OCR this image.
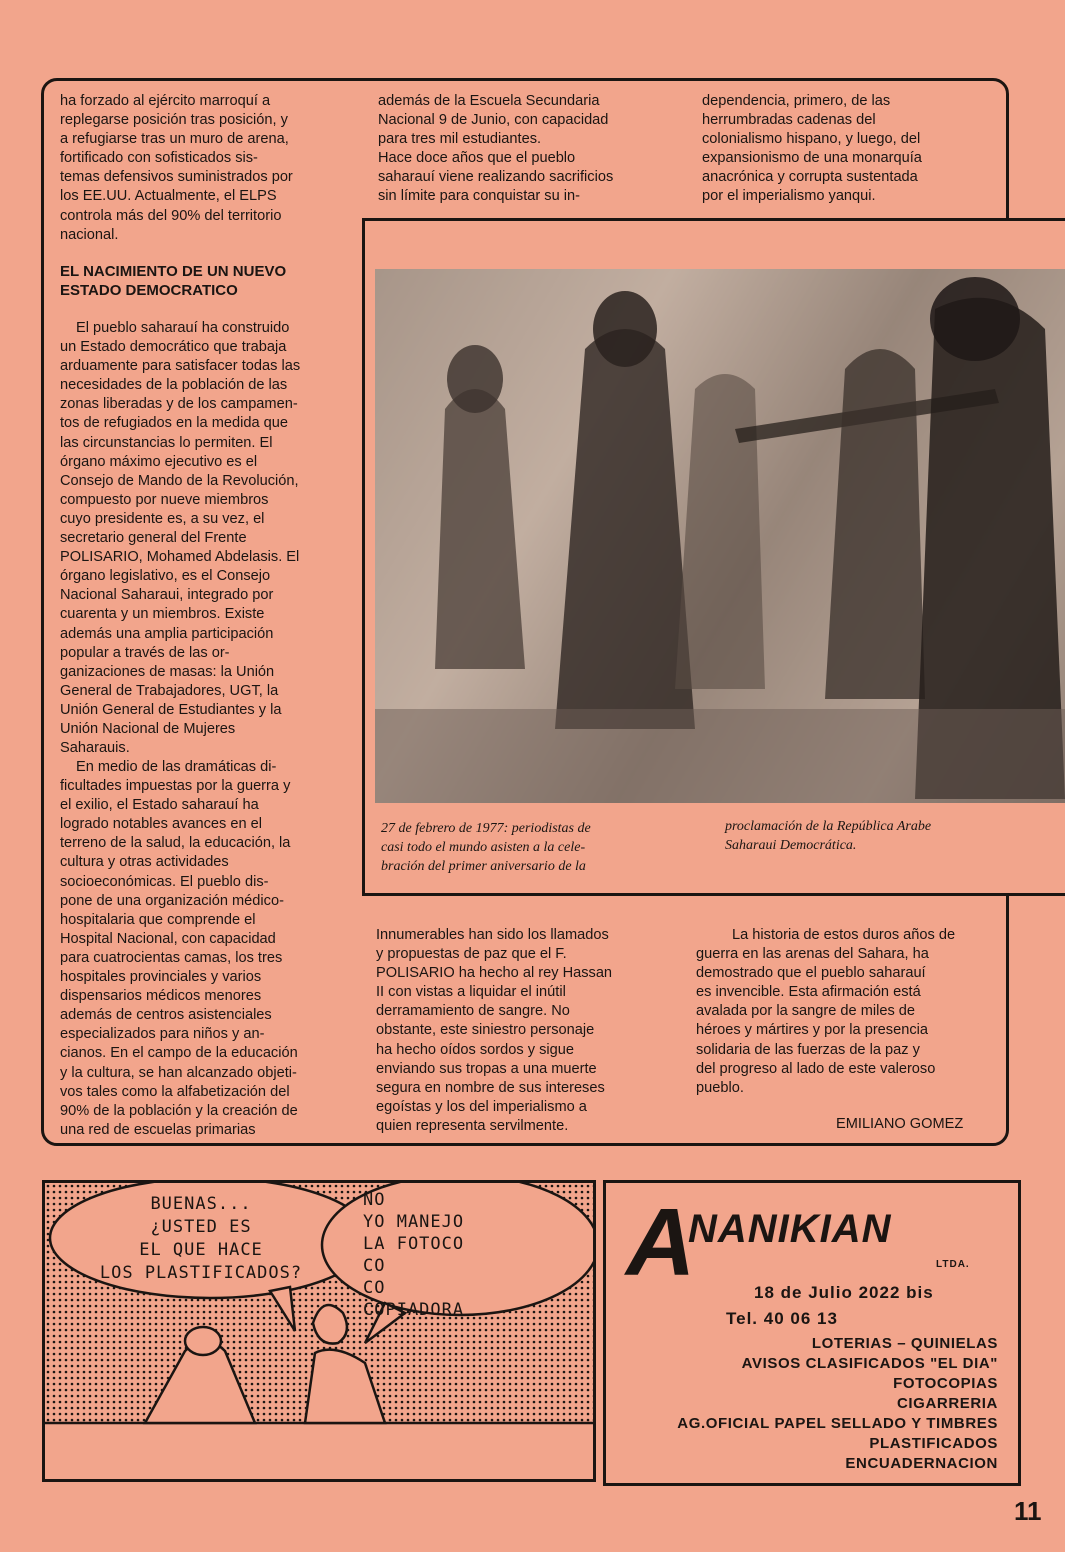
ha forzado al ejército marroquí a
replegarse posición tras posición, y
a refugiarse tras un muro de arena,
fortificado con sofisticados sis-
temas defensivos suministrados por
los EE.UU. Actualmente, el ELPS
controla más del 90% del territorio
nacional.
EL NACIMIENTO DE UN NUEVO
ESTADO DEMOCRATICO
El pueblo saharauí ha construido
un Estado democrático que trabaja
arduamente para satisfacer todas las
necesidades de la población de las
zonas liberadas y de los campamen-
tos de refugiados en la medida que
las circunstancias lo permiten. El
órgano máximo ejecutivo es el
Consejo de Mando de la Revolución,
compuesto por nueve miembros
cuyo presidente es, a su vez, el
secretario general del Frente
POLISARIO, Mohamed Abdelasis. El
órgano legislativo, es el Consejo
Nacional Saharaui, integrado por
cuarenta y un miembros. Existe
además una amplia participación
popular a través de las or-
ganizaciones de masas: la Unión
General de Trabajadores, UGT, la
Unión General de Estudiantes y la
Unión Nacional de Mujeres
Saharauis.
En medio de las dramáticas di-
ficultades impuestas por la guerra y
el exilio, el Estado saharauí ha
logrado notables avances en el
terreno de la salud, la educación, la
cultura y otras actividades
socioeconómicas. El pueblo dis-
pone de una organización médico-
hospitalaria que comprende el
Hospital Nacional, con capacidad
para cuatrocientas camas, los tres
hospitales provinciales y varios
dispensarios médicos menores
además de centros asistenciales
especializados para niños y an-
cianos. En el campo de la educación
y la cultura, se han alcanzado objeti-
vos tales como la alfabetización del
90% de la población y la creación de
una red de escuelas primarias
además de la Escuela Secundaria
Nacional 9 de Junio, con capacidad
para tres mil estudiantes.
Hace doce años que el pueblo
saharauí viene realizando sacrificios
sin límite para conquistar su in-
dependencia, primero, de las
herrumbradas cadenas del
colonialismo hispano, y luego, del
expansionismo de una monarquía
anacrónica y corrupta sustentada
por el imperialismo yanqui.
27 de febrero de 1977: periodistas de
casi todo el mundo asisten a la cele-
bración del primer aniversario de la
proclamación de la República Arabe
Saharaui Democrática.
Innumerables han sido los llamados
y propuestas de paz que el F.
POLISARIO ha hecho al rey Hassan
II con vistas a liquidar el inútil
derramamiento de sangre. No
obstante, este siniestro personaje
ha hecho oídos sordos y sigue
enviando sus tropas a una muerte
segura en nombre de sus intereses
egoístas y los del imperialismo a
quien representa servilmente.
La historia de estos duros años de
guerra en las arenas del Sahara, ha
demostrado que el pueblo saharauí
es invencible. Esta afirmación está
avalada por la sangre de miles de
héroes y mártires y por la presencia
solidaria de las fuerzas de la paz y
del progreso al lado de este valeroso
pueblo.
EMILIANO GOMEZ
BUENAS...
¿USTED ES
EL QUE HACE
LOS PLASTIFICADOS?
NO
YO MANEJO
LA FOTOCO
CO
CO
COPIADORA
A
NANIKIAN
LTDA.
18 de Julio 2022 bis
Tel. 40 06 13
LOTERIAS – QUINIELAS
AVISOS CLASIFICADOS "EL DIA"
FOTOCOPIAS
CIGARRERIA
AG.OFICIAL PAPEL SELLADO Y TIMBRES
PLASTIFICADOS
ENCUADERNACION
11
